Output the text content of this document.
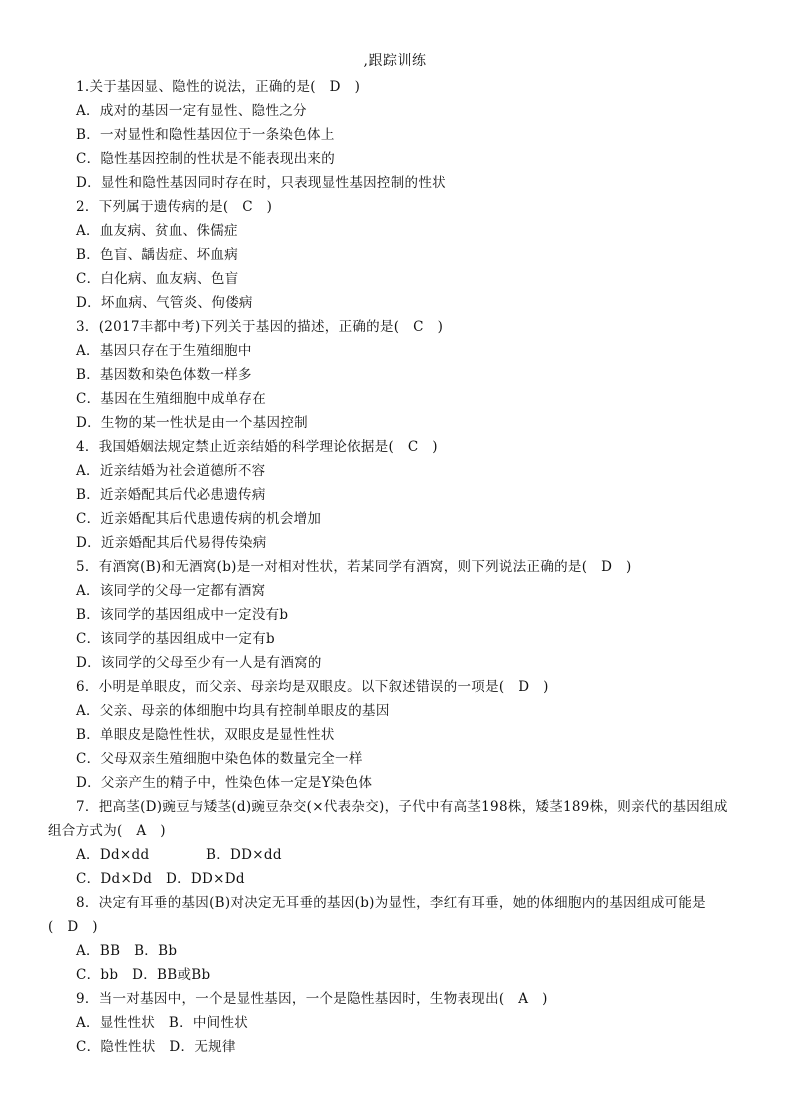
,跟踪训练
1.关于基因显、隐性的说法，正确的是(　D　)
A．成对的基因一定有显性、隐性之分
B．一对显性和隐性基因位于一条染色体上
C．隐性基因控制的性状是不能表现出来的
D．显性和隐性基因同时存在时，只表现显性基因控制的性状
2．下列属于遗传病的是(　C　)
A．血友病、贫血、侏儒症
B．色盲、龋齿症、坏血病
C．白化病、血友病、色盲
D．坏血病、气管炎、佝偻病
3．(2017丰都中考)下列关于基因的描述，正确的是(　C　)
A．基因只存在于生殖细胞中
B．基因数和染色体数一样多
C．基因在生殖细胞中成单存在
D．生物的某一性状是由一个基因控制
4．我国婚姻法规定禁止近亲结婚的科学理论依据是(　C　)
A．近亲结婚为社会道德所不容
B．近亲婚配其后代必患遗传病
C．近亲婚配其后代患遗传病的机会增加
D．近亲婚配其后代易得传染病
5．有酒窝(B)和无酒窝(b)是一对相对性状，若某同学有酒窝，则下列说法正确的是(　D　)
A．该同学的父母一定都有酒窝
B．该同学的基因组成中一定没有b
C．该同学的基因组成中一定有b
D．该同学的父母至少有一人是有酒窝的
6．小明是单眼皮，而父亲、母亲均是双眼皮。以下叙述错误的一项是(　D　)
A．父亲、母亲的体细胞中均具有控制单眼皮的基因
B．单眼皮是隐性性状，双眼皮是显性性状
C．父母双亲生殖细胞中染色体的数量完全一样
D．父亲产生的精子中，性染色体一定是Y染色体
7．把高茎(D)豌豆与矮茎(d)豌豆杂交(×代表杂交)，子代中有高茎198株，矮茎189株，则亲代的基因组成
组合方式为(　A　)
A．Dd×dd	B．DD×dd
C．Dd×Dd　D．DD×Dd
8．决定有耳垂的基因(B)对决定无耳垂的基因(b)为显性，李红有耳垂，她的体细胞内的基因组成可能是
(　D　)
A．BB　B．Bb
C．bb　D．BB或Bb
9．当一对基因中，一个是显性基因，一个是隐性基因时，生物表现出(　A　)
A．显性性状　B．中间性状
C．隐性性状　D．无规律
